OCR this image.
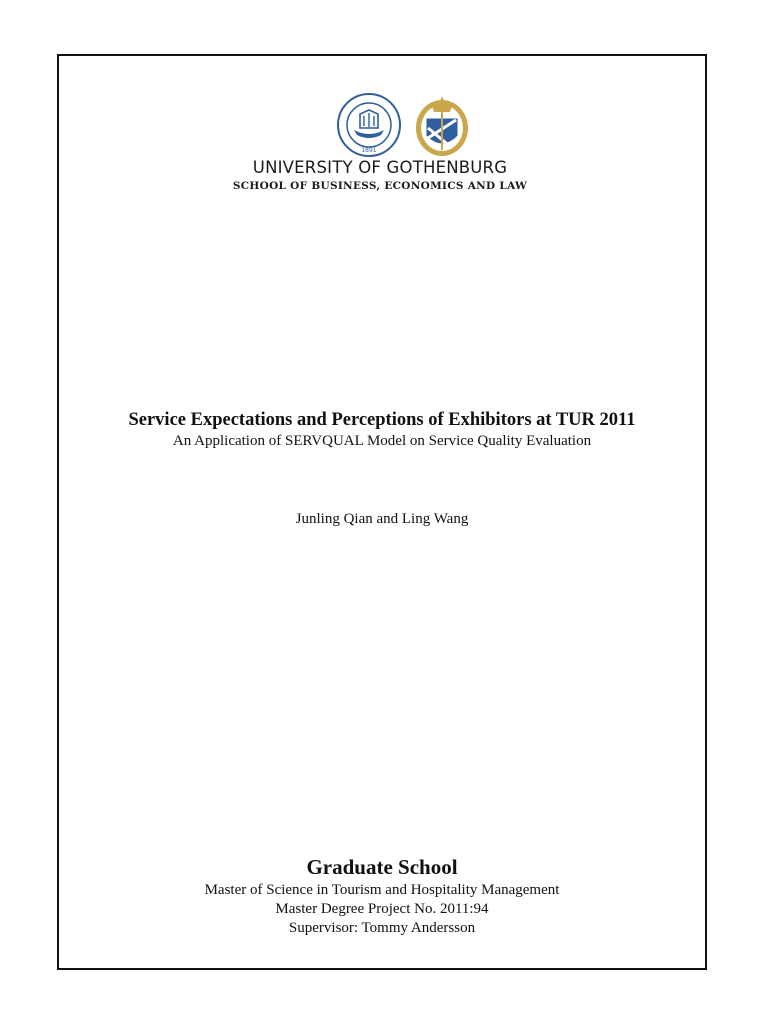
1891
UNIVERSITY OF GOTHENBURG
SCHOOL OF BUSINESS, ECONOMICS AND LAW
Service Expectations and Perceptions of Exhibitors at TUR 2011
An Application of SERVQUAL Model on Service Quality Evaluation
Junling Qian and Ling Wang
Graduate School
Master of Science in Tourism and Hospitality Management
Master Degree Project No. 2011:94
Supervisor: Tommy Andersson
